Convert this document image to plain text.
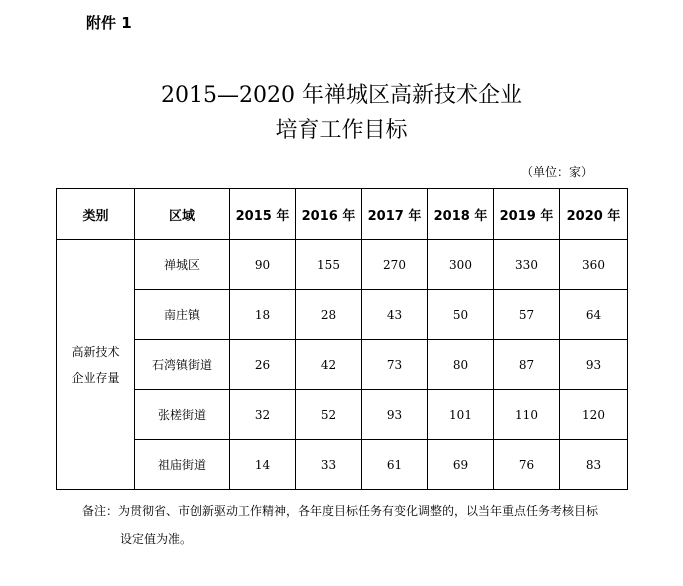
附件 1
2015—2020 年禅城区高新技术企业
培育工作目标
（单位：家）
类别	区域	2015 年	2016 年	2017 年	2018 年	2019 年	2020 年

高新技术
企业存量	禅城区	90	155	270	300	330	360
	南庄镇	18	28	43	50	57	64
	石湾镇街道	26	42	73	80	87	93
	张槎街道	32	52	93	101	110	120
	祖庙街道	14	33	61	69	76	83
备注：为贯彻省、市创新驱动工作精神，各年度目标任务有变化调整的，以当年重点任务考核目标
设定值为准。
